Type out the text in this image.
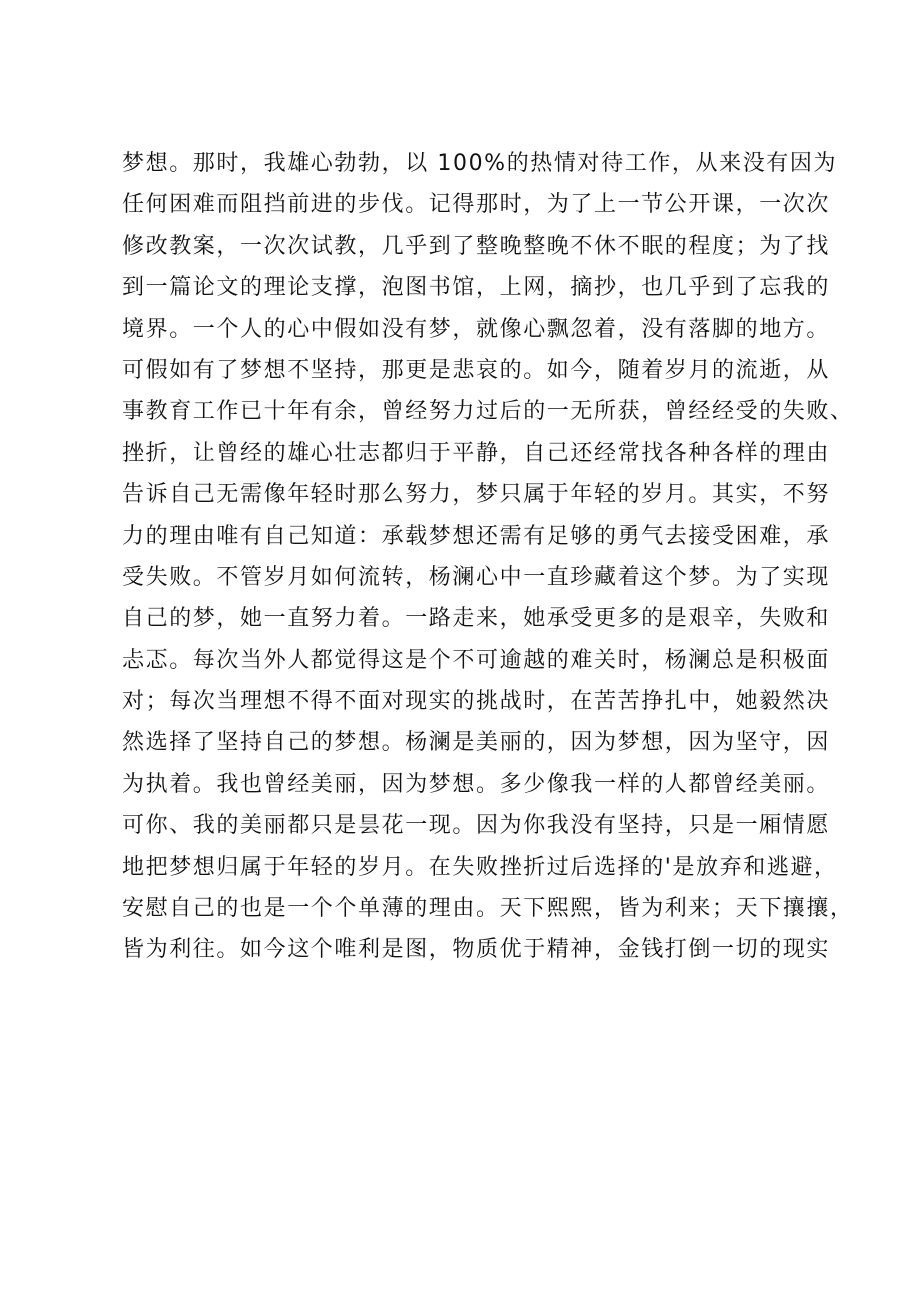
梦想。那时，我雄心勃勃，以 100%的热情对待工作，从来没有因为
任何困难而阻挡前进的步伐。记得那时，为了上一节公开课，一次次
修改教案，一次次试教，几乎到了整晚整晚不休不眠的程度；为了找
到一篇论文的理论支撑，泡图书馆，上网，摘抄，也几乎到了忘我的
境界。一个人的心中假如没有梦，就像心飘忽着，没有落脚的地方。
可假如有了梦想不坚持，那更是悲哀的。如今，随着岁月的流逝，从
事教育工作已十年有余，曾经努力过后的一无所获，曾经经受的失败、
挫折，让曾经的雄心壮志都归于平静，自己还经常找各种各样的理由
告诉自己无需像年轻时那么努力，梦只属于年轻的岁月。其实，不努
力的理由唯有自己知道：承载梦想还需有足够的勇气去接受困难，承
受失败。不管岁月如何流转，杨澜心中一直珍藏着这个梦。为了实现
自己的梦，她一直努力着。一路走来，她承受更多的是艰辛，失败和
忐忑。每次当外人都觉得这是个不可逾越的难关时，杨澜总是积极面
对；每次当理想不得不面对现实的挑战时，在苦苦挣扎中，她毅然决
然选择了坚持自己的梦想。杨澜是美丽的，因为梦想，因为坚守，因
为执着。我也曾经美丽，因为梦想。多少像我一样的人都曾经美丽。
可你、我的美丽都只是昙花一现。因为你我没有坚持，只是一厢情愿
地把梦想归属于年轻的岁月。在失败挫折过后选择的'是放弃和逃避，
安慰自己的也是一个个单薄的理由。天下熙熙，皆为利来；天下攘攘，
皆为利往。如今这个唯利是图，物质优于精神，金钱打倒一切的现实
